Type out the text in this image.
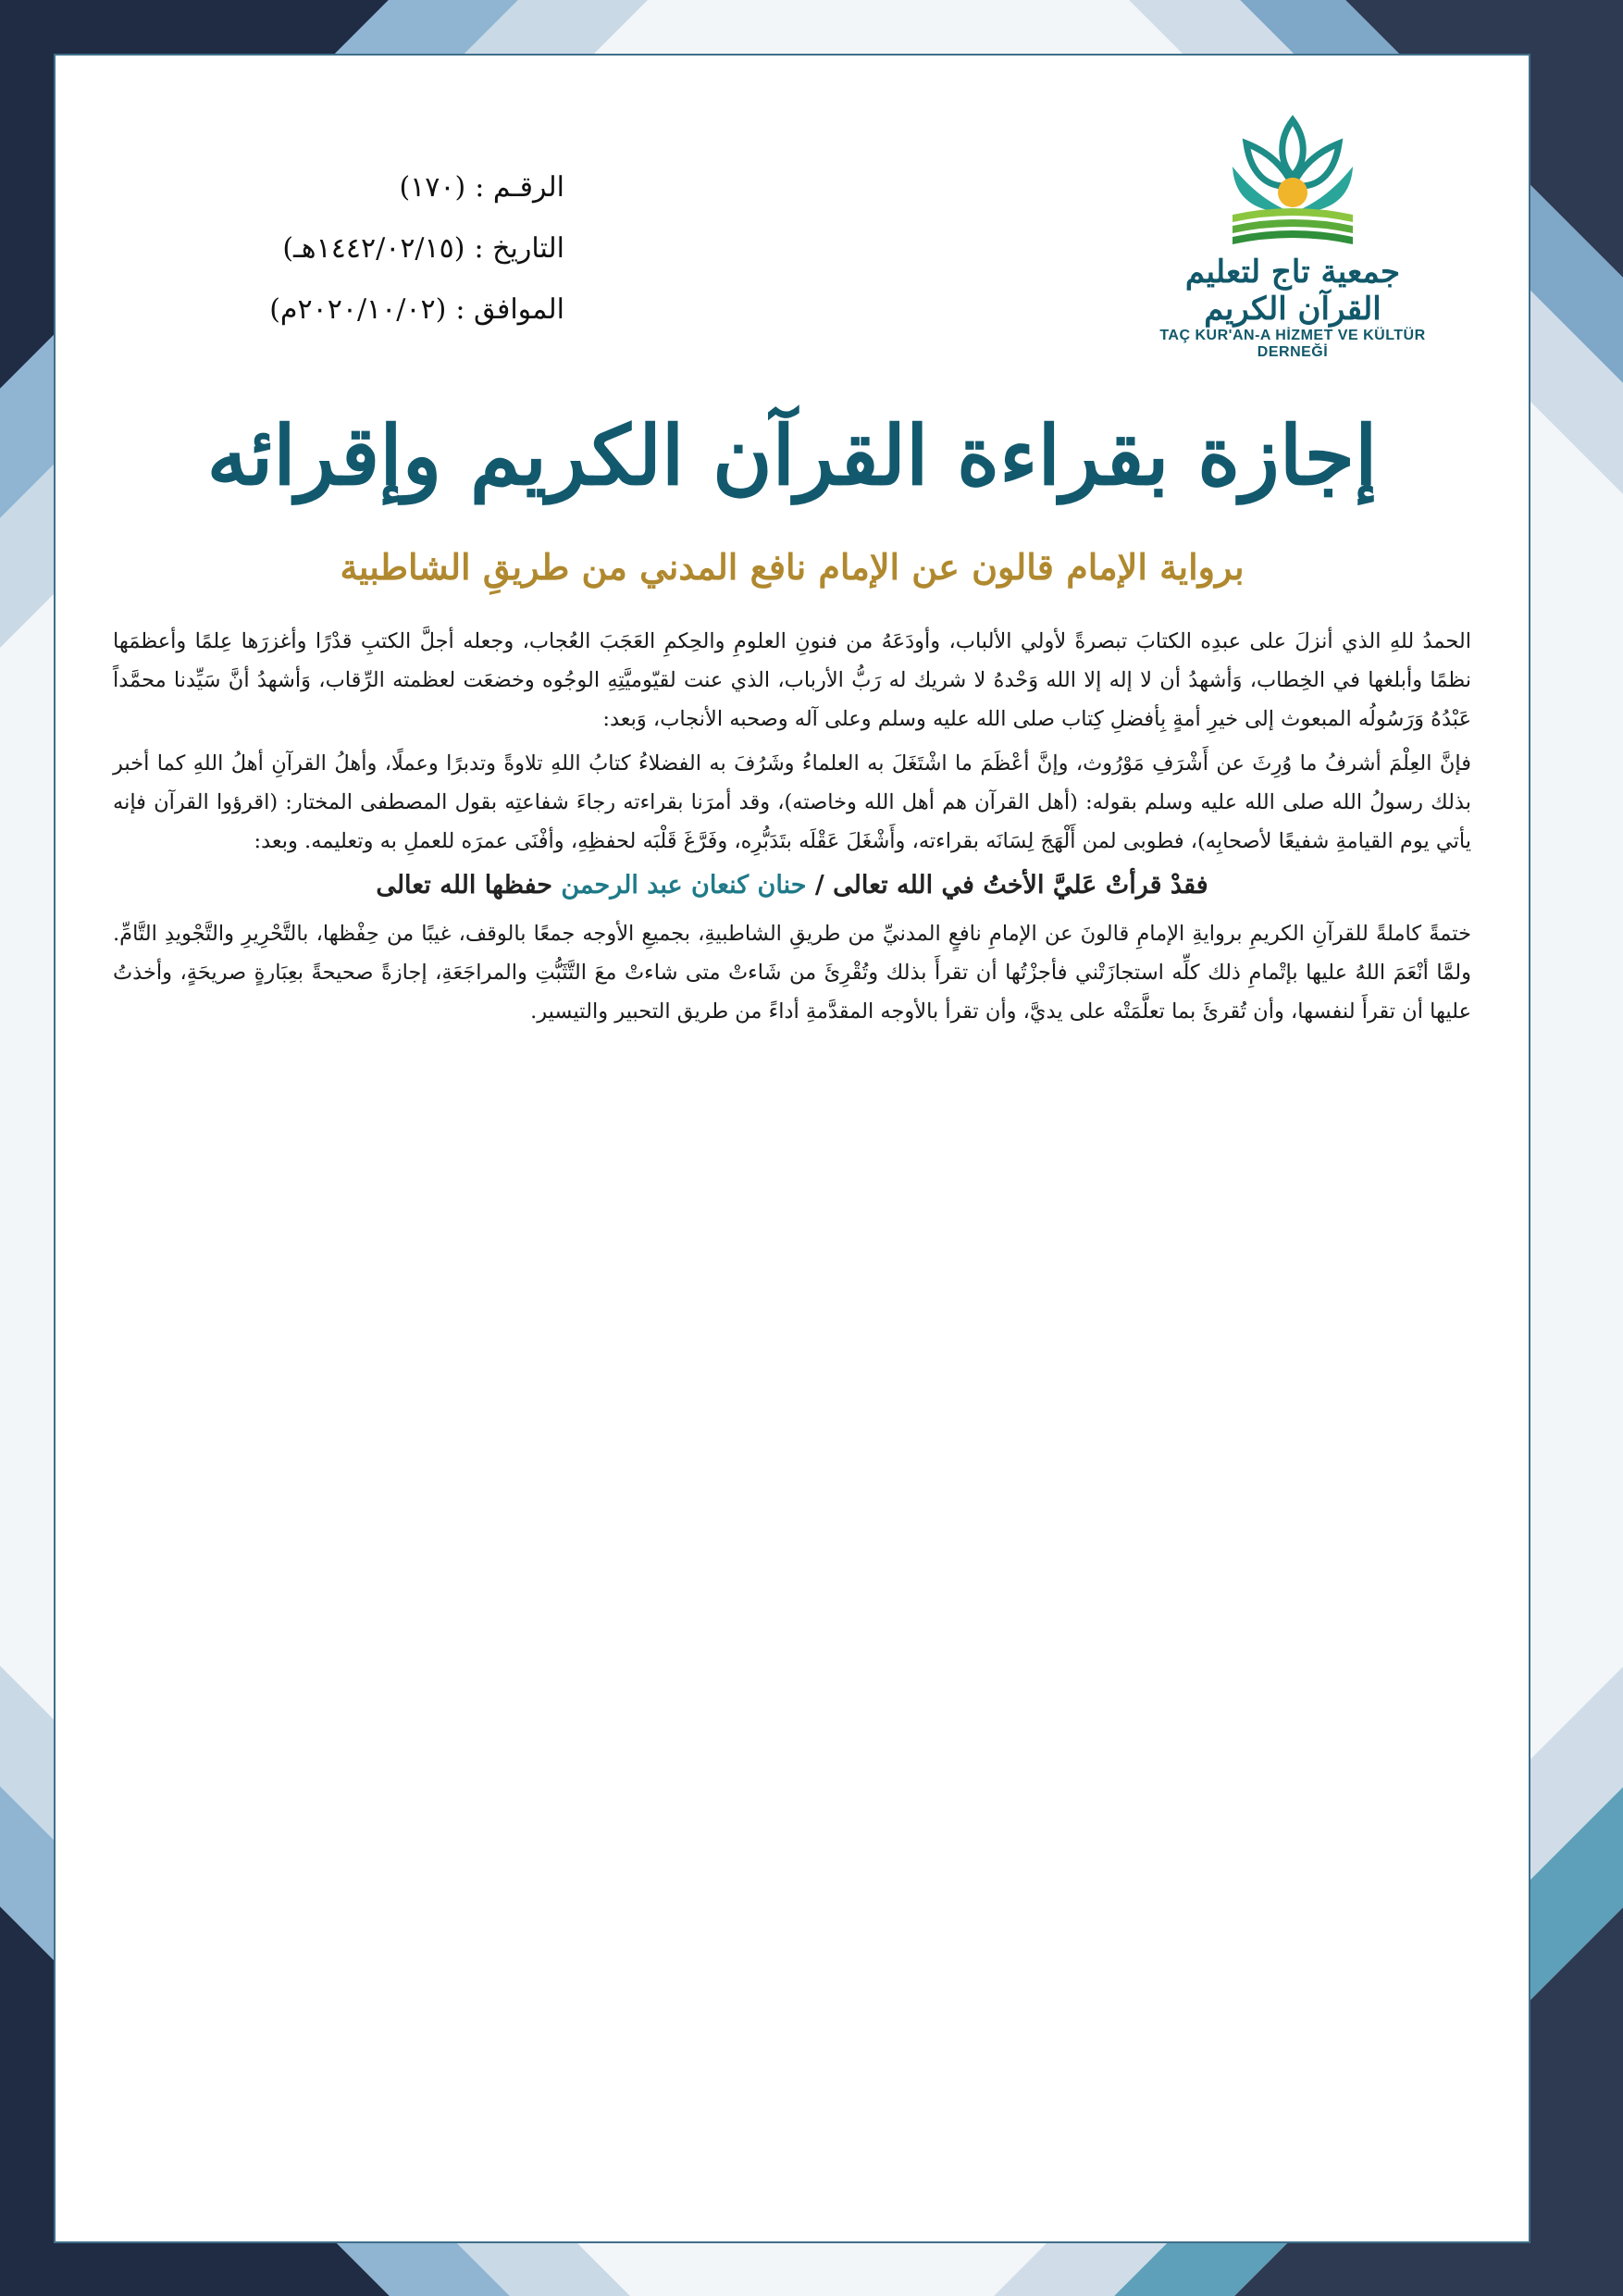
جمعية تاج لتعليم القرآن الكريم
TAÇ KUR'AN-A HİZMET VE KÜLTÜR DERNEĞİ
الرقـم :
(١٧٠)
التاريخ :
(١٤٤٢/٠٢/١٥هـ)
الموافق :
(٢٠٢٠/١٠/٠٢م)
إجازة بقراءة القرآن الكريم وإقرائه
برواية الإمام قالون عن الإمام نافع المدني من طريقِ الشاطبية

الحمدُ للهِ الذي أنزلَ على عبدِه الكتابَ تبصرةً لأولي الألباب، وأودَعَهُ من فنونِ العلومِ والحِكمِ العَجَبَ العُجاب، وجعله أجلَّ الكتبِ قدْرًا وأغزرَها عِلمًا وأعظمَها نظمًا وأبلغها في الخِطاب، وَأشهدُ أن لا إله إلا الله وَحْدهُ لا شريك له رَبُّ الأرباب، الذي عنت لقيّوميَّتِهِ الوجُوه وخضعَت لعظمته الرِّقاب، وَأشهدُ أنَّ سَيِّدنا محمَّداً عَبْدُهُ وَرَسُولُه المبعوث إلى خيرِ أمةٍ بِأفضلِ كِتاب صلى الله عليه وسلم وعلى آله وصحبه الأنجاب، وَبعد:

فإنَّ العِلْمَ أشرفُ ما وُرِثَ عن أَشْرَفِ مَوْرُوث، وإنَّ أعْظَمَ ما اشْتَغَلَ به العلماءُ وشَرُفَ به الفضلاءُ كتابُ اللهِ تلاوةً وتدبرًا وعملًا، وأهلُ القرآنِ أهلُ اللهِ كما أخبر بذلك رسولُ الله صلى الله عليه وسلم بقوله: (أهل القرآن هم أهل الله وخاصته)، وقد أمرَنا بقراءته رجاءَ شفاعتِه بقول المصطفى المختار: (اقرؤوا القرآن فإنه يأتي يوم القيامةِ شفيعًا لأصحابِه)، فطوبى لمن أَلْهَجَ لِسَانَه بقراءته، وأَشْغَلَ عَقْلَه بتَدَبُّرِه، وفَرَّغَ قَلْبَه لحفظِهِ، وأفْنَى عمرَه للعملِ به وتعليمه. وبعد:

فقدْ قرأتْ عَليَّ الأختُ في الله تعالى / حنان كنعان عبد الرحمن حفظها الله تعالى

ختمةً كاملةً للقرآنِ الكريمِ بروايةِ الإمامِ قالونَ عن الإمامِ نافعٍ المدنيِّ من طريقِ الشاطبيةِ، بجميعِ الأوجه جمعًا بالوقف، غيبًا من حِفْظها، بالتَّحْرِيرِ والتَّجْويدِ التَّامِّ. ولمَّا أنْعَمَ اللهُ عليها بإتْمامِ ذلك كلِّه استجازَتْني فأجزْتُها أن تقرأَ بذلك وتُقْرِئَ من شَاءتْ متى شاءتْ معَ التَّثَبُّتِ والمراجَعَةِ، إجازةً صحيحةً بعِبَارةٍ صريحَةٍ، وأخذتُ عليها أن تقرأَ لنفسها، وأن تُقرئَ بما تعلَّمَتْه على يديَّ، وأن تقرأ بالأوجه المقدَّمةِ أداءً من طريق التحبير والتيسير.
